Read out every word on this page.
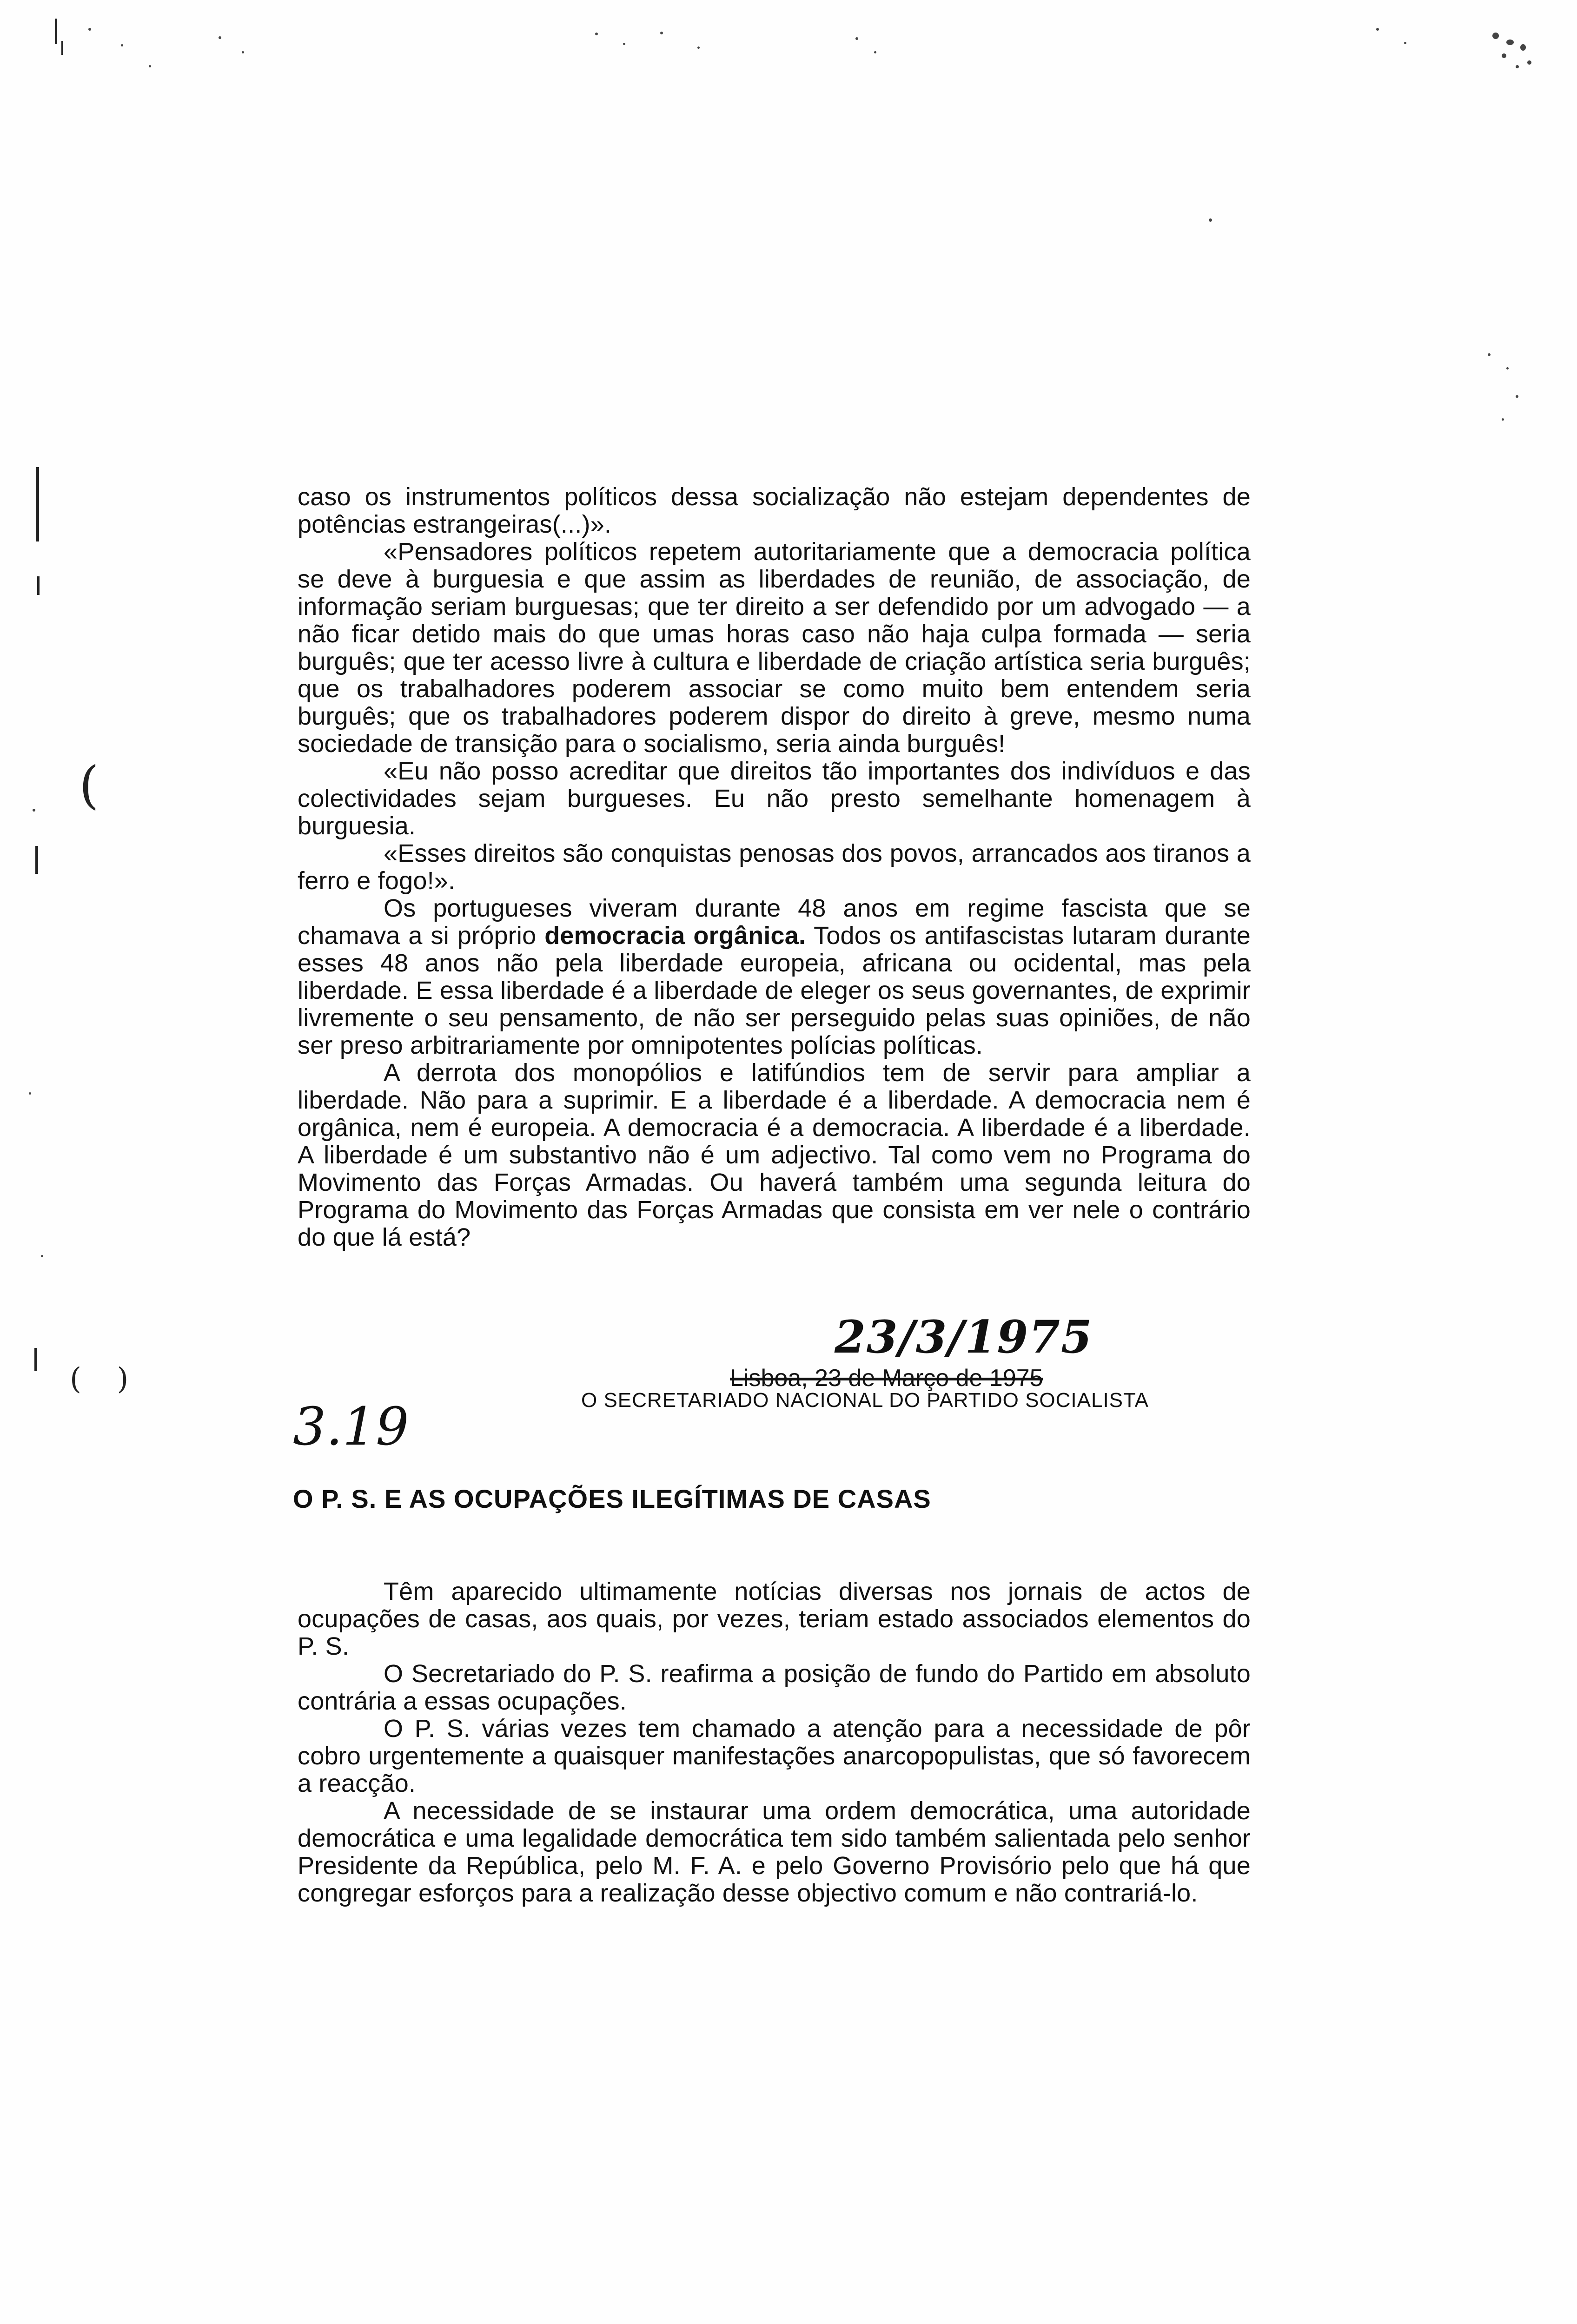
(
( )

caso os instrumentos políticos dessa socialização não estejam dependentes de potências estrangeiras(...)».

«Pensadores políticos repetem autoritariamente que a democracia política se deve à burguesia e que assim as liberdades de reunião, de associação, de informação seriam burguesas; que ter direito a ser defendido por um advogado — a não ficar detido mais do que umas horas caso não haja culpa formada — seria burguês; que ter acesso livre à cultura e liberdade de criação artística seria burguês; que os trabalhadores poderem associar se como muito bem entendem seria burguês; que os trabalhadores poderem dispor do direito à greve, mesmo numa sociedade de transição para o socialismo, seria ainda burguês!

«Eu não posso acreditar que direitos tão importantes dos indivíduos e das colectividades sejam burgueses. Eu não presto semelhante homenagem à burguesia.

«Esses direitos são conquistas penosas dos povos, arrancados aos tiranos a ferro e fogo!».

Os portugueses viveram durante 48 anos em regime fascista que se chamava a si próprio democracia orgânica. Todos os antifascistas lutaram durante esses 48 anos não pela liberdade europeia, africana ou ocidental, mas pela liberdade. E essa liberdade é a liberdade de eleger os seus governantes, de exprimir livremente o seu pensamento, de não ser perseguido pelas suas opiniões, de não ser preso arbitrariamente por omnipotentes polícias políticas.

A derrota dos monopólios e latifúndios tem de servir para ampliar a liberdade. Não para a suprimir. E a liberdade é a liberdade. A democracia nem é orgânica, nem é europeia. A democracia é a democracia. A liberdade é a liberdade. A liberdade é um substantivo não é um adjectivo. Tal como vem no Programa do Movimento das Forças Armadas. Ou haverá também uma segunda leitura do Programa do Movimento das Forças Armadas que consista em ver nele o contrário do que lá está?

23/3/1975
Lisboa, 23 de Março de 1975
O SECRETARIADO NACIONAL DO PARTIDO SOCIALISTA
3.19
O P. S. E AS OCUPAÇÕES ILEGÍTIMAS DE CASAS

Têm aparecido ultimamente notícias diversas nos jornais de actos de ocupações de casas, aos quais, por vezes, teriam estado associados elementos do P. S.

O Secretariado do P. S. reafirma a posição de fundo do Partido em absoluto contrária a essas ocupações.

O P. S. várias vezes tem chamado a atenção para a necessidade de pôr cobro urgentemente a quaisquer manifestações anarcopopulistas, que só favorecem a reacção.

A necessidade de se instaurar uma ordem democrática, uma autoridade democrática e uma legalidade democrática tem sido também salientada pelo senhor Presidente da República, pelo M. F. A. e pelo Governo Provisório pelo que há que congregar esforços para a realização desse objectivo comum e não contrariá-lo.
